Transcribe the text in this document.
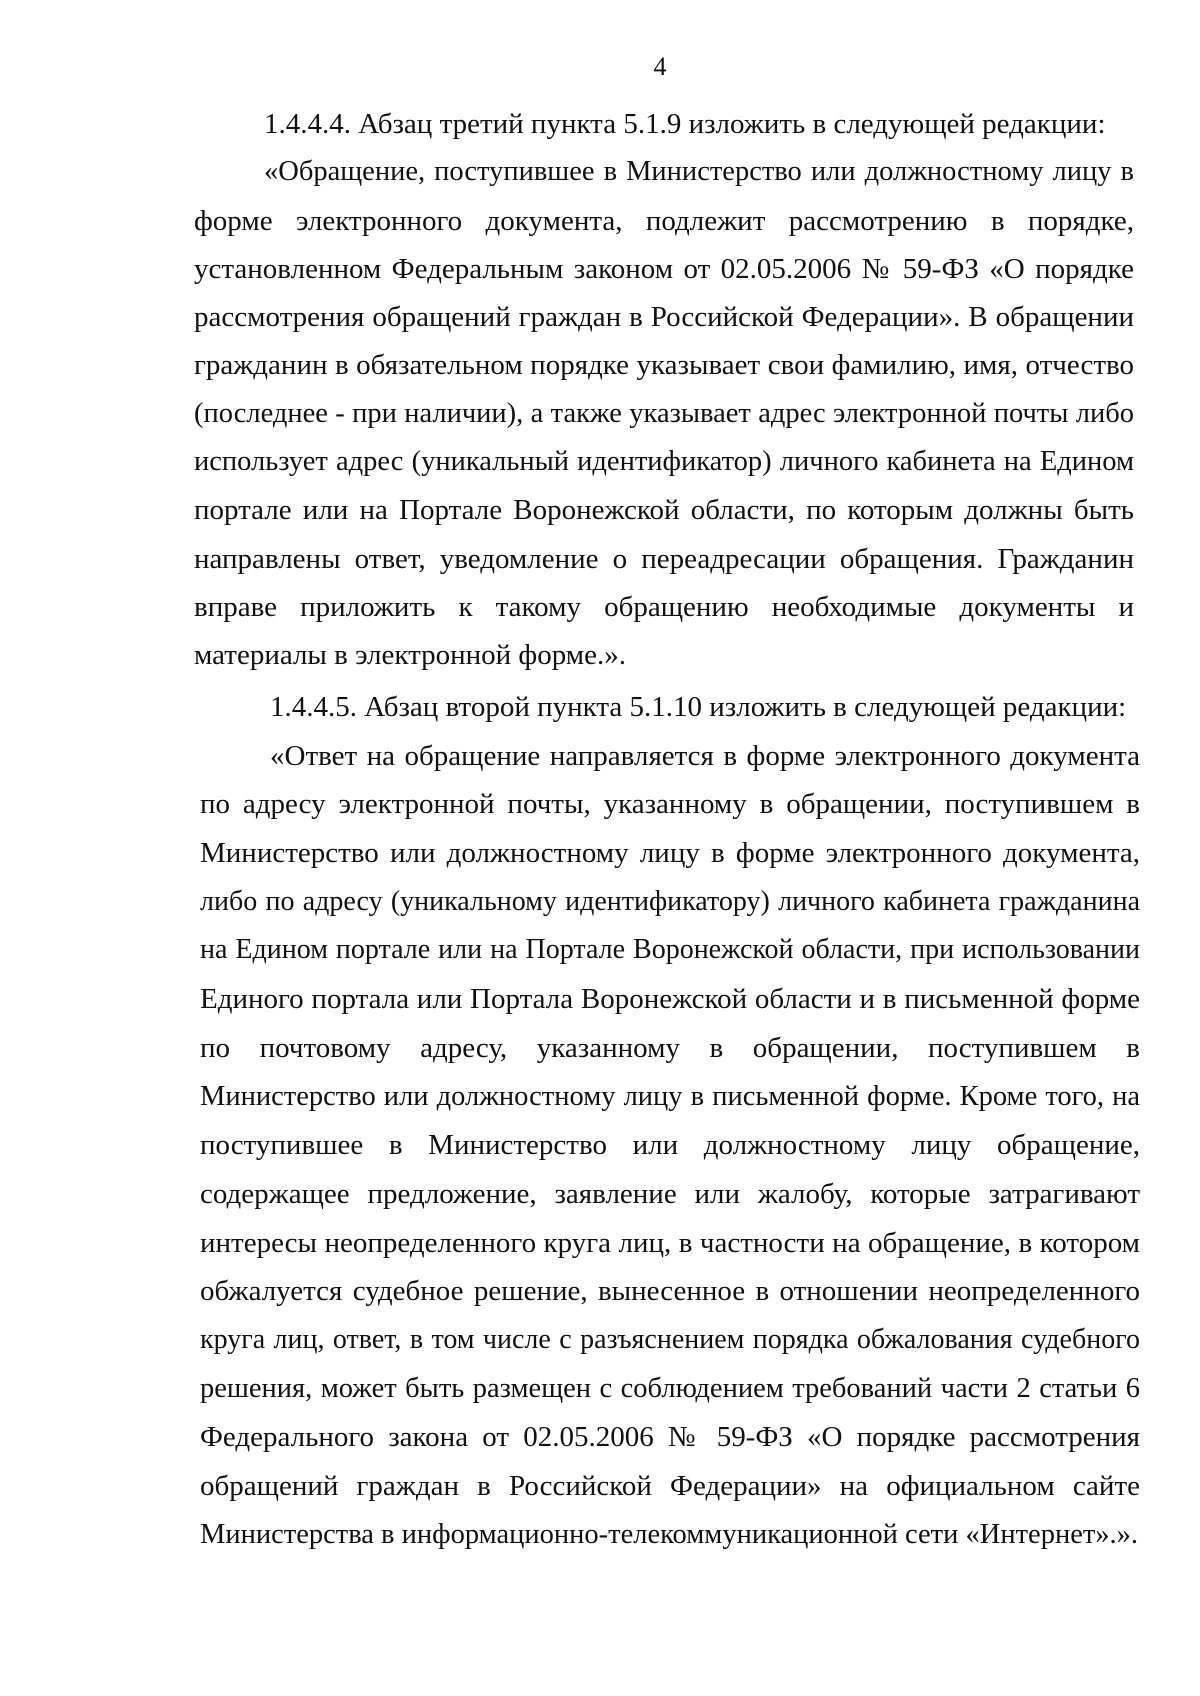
4
1.4.4.4. Абзац третий пункта 5.1.9 изложить в следующей редакции:
«Обращение, поступившее в Министерство или должностному лицу в
форме электронного документа, подлежит рассмотрению в порядке,
установленном Федеральным законом от 02.05.2006 № 59-ФЗ «О порядке
рассмотрения обращений граждан в Российской Федерации». В обращении
гражданин в обязательном порядке указывает свои фамилию, имя, отчество
(последнее - при наличии), а также указывает адрес электронной почты либо
использует адрес (уникальный идентификатор) личного кабинета на Едином
портале или на Портале Воронежской области, по которым должны быть
направлены ответ, уведомление о переадресации обращения. Гражданин
вправе приложить к такому обращению необходимые документы и
материалы в электронной форме.».
1.4.4.5. Абзац второй пункта 5.1.10 изложить в следующей редакции:
«Ответ на обращение направляется в форме электронного документа
по адресу электронной почты, указанному в обращении, поступившем в
Министерство или должностному лицу в форме электронного документа,
либо по адресу (уникальному идентификатору) личного кабинета гражданина
на Едином портале или на Портале Воронежской области, при использовании
Единого портала или Портала Воронежской области и в письменной форме
по почтовому адресу, указанному в обращении, поступившем в
Министерство или должностному лицу в письменной форме. Кроме того, на
поступившее в Министерство или должностному лицу обращение,
содержащее предложение, заявление или жалобу, которые затрагивают
интересы неопределенного круга лиц, в частности на обращение, в котором
обжалуется судебное решение, вынесенное в отношении неопределенного
круга лиц, ответ, в том числе с разъяснением порядка обжалования судебного
решения, может быть размещен с соблюдением требований части 2 статьи 6
Федерального закона от 02.05.2006 № 59-ФЗ «О порядке рассмотрения
обращений граждан в Российской Федерации» на официальном сайте
Министерства в информационно-телекоммуникационной сети «Интернет».».
